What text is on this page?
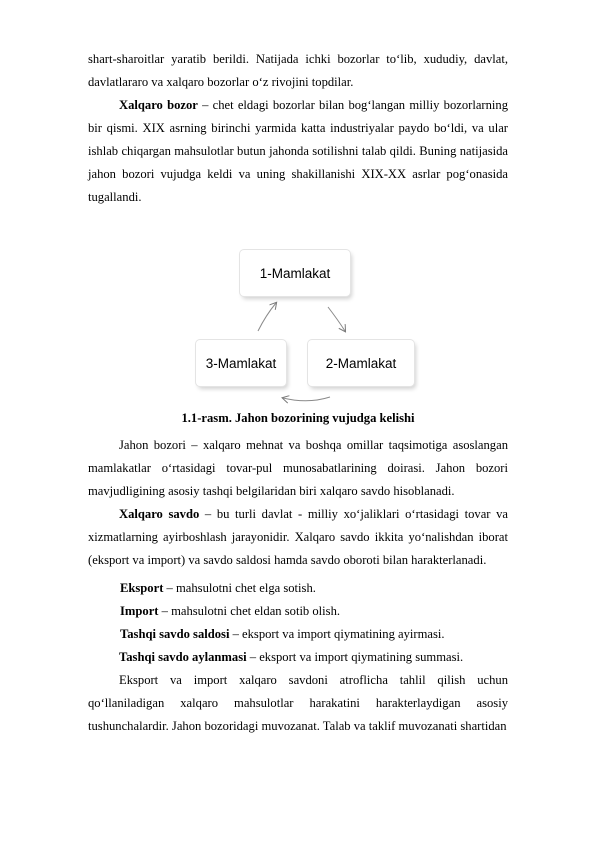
shart-sharoitlar yaratib berildi. Natijada ichki bozorlar to‘lib, xududiy, davlat, davlatlararo va xalqaro bozorlar o‘z rivojini topdilar.

Xalqaro bozor – chet eldagi bozorlar bilan bog‘langan milliy bozorlarning bir qismi. XIX asrning birinchi yarmida katta industriyalar paydo bo‘ldi, va ular ishlab chiqargan mahsulotlar butun jahonda sotilishni talab qildi. Buning natijasida jahon bozori vujudga keldi va uning shakillanishi XIX-XX asrlar pog‘onasida tugallandi.

1-Mamlakat
2-Mamlakat
3-Mamlakat
1.1-rasm. Jahon bozorining vujudga kelishi

Jahon bozori – xalqaro mehnat va boshqa omillar taqsimotiga asoslangan mamlakatlar o‘rtasidagi tovar-pul munosabatlarining doirasi. Jahon bozori mavjudligining asosiy tashqi belgilaridan biri xalqaro savdo hisoblanadi.

Xalqaro savdo – bu turli davlat - milliy xo‘jaliklari o‘rtasidagi tovar va xizmatlarning ayirboshlash jarayonidir. Xalqaro savdo ikkita yo‘nalishdan iborat (eksport va import) va savdo saldosi hamda savdo oboroti bilan harakterlanadi.

Eksport – mahsulotni chet elga sotish.
Import – mahsulotni chet eldan sotib olish.
Tashqi savdo saldosi – eksport va import qiymatining ayirmasi.
Tashqi savdo aylanmasi – eksport va import qiymatining summasi.

Eksport va import xalqaro savdoni atroflicha tahlil qilish uchun qo‘llaniladigan xalqaro mahsulotlar harakatini harakterlaydigan asosiy tushunchalardir. Jahon bozoridagi muvozanat. Talab va taklif muvozanati shartidan
